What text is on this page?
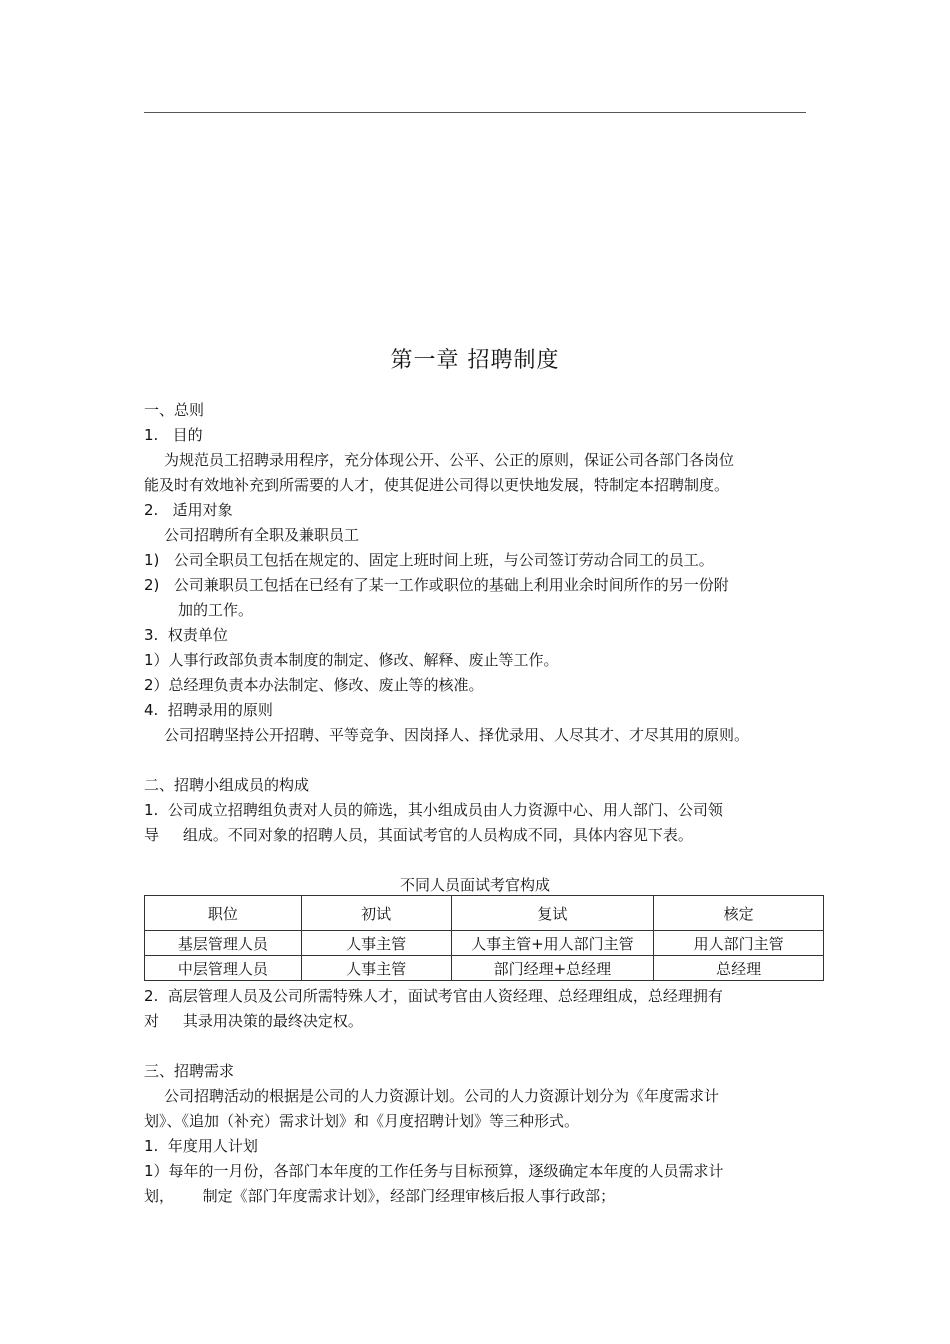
第一章 招聘制度
一、总则
1.   目的
为规范员工招聘录用程序，充分体现公开、公平、公正的原则，保证公司各部门各岗位
能及时有效地补充到所需要的人才，使其促进公司得以更快地发展，特制定本招聘制度。
2.   适用对象
公司招聘所有全职及兼职员工
1)   公司全职员工包括在规定的、固定上班时间上班，与公司签订劳动合同工的员工。
2)   公司兼职员工包括在已经有了某一工作或职位的基础上利用业余时间所作的另一份附
加的工作。
3.  权责单位
1）人事行政部负责本制度的制定、修改、解释、废止等工作。
2）总经理负责本办法制定、修改、废止等的核准。
4.  招聘录用的原则
公司招聘坚持公开招聘、平等竞争、因岗择人、择优录用、人尽其才、才尽其用的原则。
二、招聘小组成员的构成
1.  公司成立招聘组负责对人员的筛选，其小组成员由人力资源中心、用人部门、公司领
导     组成。不同对象的招聘人员，其面试考官的人员构成不同，具体内容见下表。
不同人员面试考官构成
职位	初试	复试	核定
基层管理人员	人事主管	人事主管+用人部门主管	用人部门主管
中层管理人员	人事主管	部门经理+总经理	总经理
2.  高层管理人员及公司所需特殊人才，面试考官由人资经理、总经理组成，总经理拥有
对     其录用决策的最终决定权。
三、招聘需求
公司招聘活动的根据是公司的人力资源计划。公司的人力资源计划分为《年度需求计
划》、《追加（补充）需求计划》和《月度招聘计划》等三种形式。
1.  年度用人计划
1）每年的一月份，各部门本年度的工作任务与目标预算，逐级确定本年度的人员需求计
划，      制定《部门年度需求计划》，经部门经理审核后报人事行政部；
